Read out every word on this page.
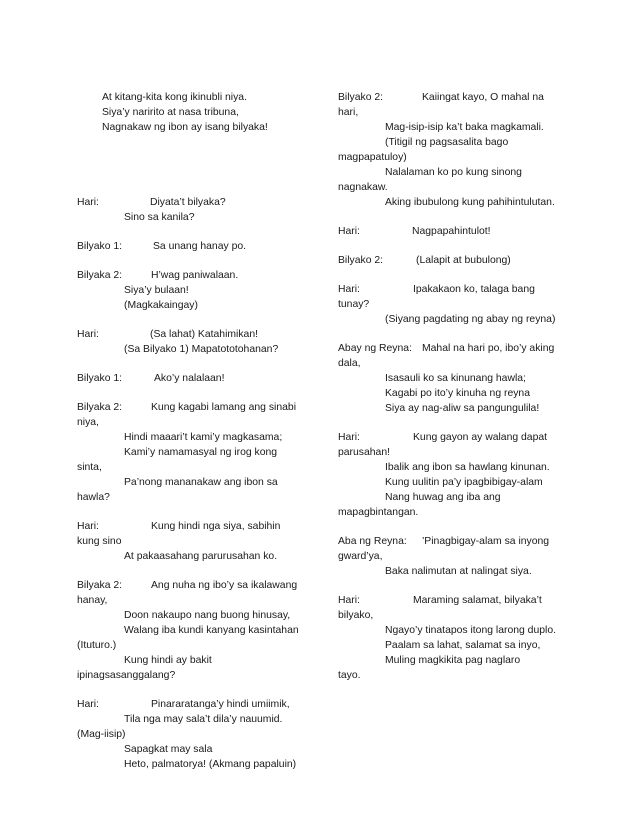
At kitang-kita kong ikinubli niya.
Siya’y naririto at nasa tribuna,
Nagnakaw ng ibon ay isang bilyaka!
Hari:	Diyata’t bilyaka?
Sino sa kanila?
Bilyako 1:	Sa unang hanay po.
Bilyaka 2:	H’wag paniwalaan.
Siya’y bulaan!
(Magkakaingay)
Hari:	(Sa lahat) Katahimikan!
(Sa Bilyako 1) Mapatototohanan?
Bilyako 1:	Ako’y nalalaan!
Bilyaka 2:	Kung kagabi lamang ang sinabi
niya,
Hindi maaari’t kami’y magkasama;
Kami’y namamasyal ng irog kong
sinta,
Pa’nong mananakaw ang ibon sa
hawla?
Hari:	Kung hindi nga siya, sabihin
kung sino
At pakaasahang parurusahan ko.
Bilyaka 2:	Ang nuha ng ibo’y sa ikalawang
hanay,
Doon nakaupo nang buong hinusay,
Walang iba kundi kanyang kasintahan
(Ituturo.)
Kung hindi ay bakit
ipinagsasanggalang?
Hari:	Pinararatanga’y hindi umiimik,
Tila nga may sala’t dila’y nauumid.
(Mag-iisip)
Sapagkat may sala
Heto, palmatorya! (Akmang papaluin)
Bilyako 2:	Kaiingat kayo, O mahal na
hari,
Mag-isip-isip ka’t baka magkamali.
(Titigil ng pagsasalita bago
magpapatuloy)
Nalalaman ko po kung sinong
nagnakaw.
Aking ibubulong kung pahihintulutan.
Hari:	Nagpapahintulot!
Bilyako 2:	(Lalapit at bubulong)
Hari:	Ipakakaon ko, talaga bang
tunay?
(Siyang pagdating ng abay ng reyna)
Abay ng Reyna: Mahal na hari po, ibo’y aking
dala,
Isasauli ko sa kinunang hawla;
Kagabi po ito’y kinuha ng reyna
Siya ay nag-aliw sa pangungulila!
Hari:	Kung gayon ay walang dapat
parusahan!
Ibalik ang ibon sa hawlang kinunan.
Kung uulitin pa’y ipagbibigay-alam
Nang huwag ang iba ang
mapagbintangan.
Aba ng Reyna: ’Pinagbigay-alam sa inyong
gward’ya,
Baka nalimutan at nalingat siya.
Hari:	Maraming salamat, bilyaka’t
bilyako,
Ngayo’y tinatapos itong larong duplo.
Paalam sa lahat, salamat sa inyo,
Muling magkikita pag naglaro
tayo.
